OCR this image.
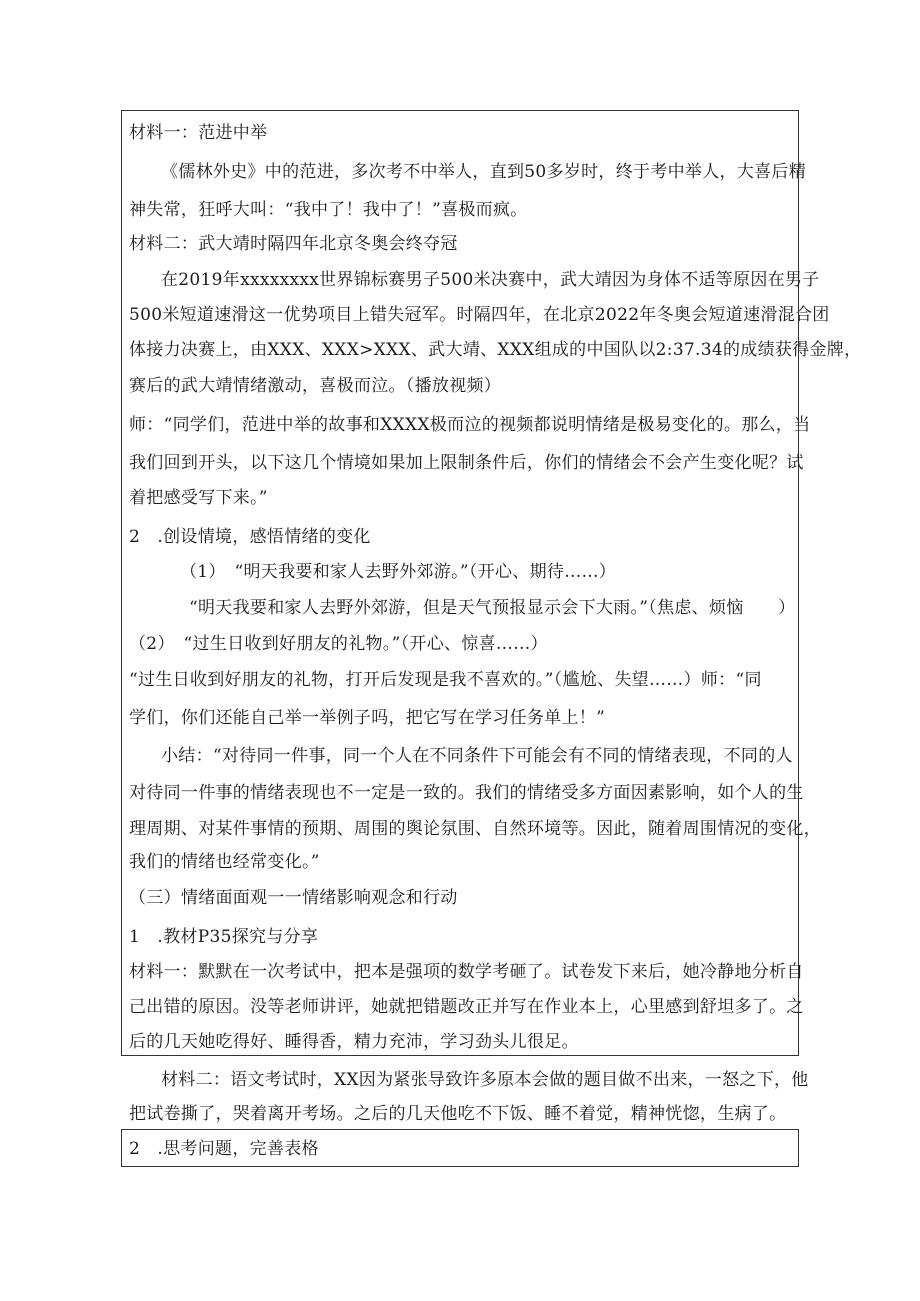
材料一：范进中举
《儒林外史》中的范进，多次考不中举人，直到50多岁时，终于考中举人，大喜后精
神失常，狂呼大叫：“我中了！我中了！”喜极而疯。
材料二：武大靖时隔四年北京冬奥会终夺冠
在2019年xxxxxxxx世界锦标赛男子500米决赛中，武大靖因为身体不适等原因在男子
500米短道速滑这一优势项目上错失冠军。时隔四年，在北京2022年冬奥会短道速滑混合团
体接力决赛上，由XXX、XXX>XXX、武大靖、XXX组成的中国队以2:37.34的成绩获得金牌，
赛后的武大靖情绪激动，喜极而泣。（播放视频）
师：“同学们，范进中举的故事和XXXX极而泣的视频都说明情绪是极易变化的。那么，当
我们回到开头，以下这几个情境如果加上限制条件后，你们的情绪会不会产生变化呢？试
着把感受写下来。”
2　.创设情境，感悟情绪的变化
（1）　“明天我要和家人去野外郊游。”（开心、期待……）
“明天我要和家人去野外郊游，但是天气预报显示会下大雨。”（焦虑、烦恼　　）
（2）　“过生日收到好朋友的礼物。”（开心、惊喜……）
“过生日收到好朋友的礼物，打开后发现是我不喜欢的。”（尴尬、失望……）师：“同
学们，你们还能自己举一举例子吗，把它写在学习任务单上！”
小结：“对待同一件事，同一个人在不同条件下可能会有不同的情绪表现，不同的人
对待同一件事的情绪表现也不一定是一致的。我们的情绪受多方面因素影响，如个人的生
理周期、对某件事情的预期、周围的舆论氛围、自然环境等。因此，随着周围情况的变化，
我们的情绪也经常变化。”
（三）情绪面面观一一情绪影响观念和行动
1　.教材P35探究与分享
材料一：默默在一次考试中，把本是强项的数学考砸了。试卷发下来后，她冷静地分析自
己出错的原因。没等老师讲评，她就把错题改正并写在作业本上，心里感到舒坦多了。之
后的几天她吃得好、睡得香，精力充沛，学习劲头儿很足。
材料二：语文考试时，XX因为紧张导致许多原本会做的题目做不出来，一怒之下，他
把试卷撕了，哭着离开考场。之后的几天他吃不下饭、睡不着觉，精神恍惚，生病了。
2　.思考问题，完善表格
